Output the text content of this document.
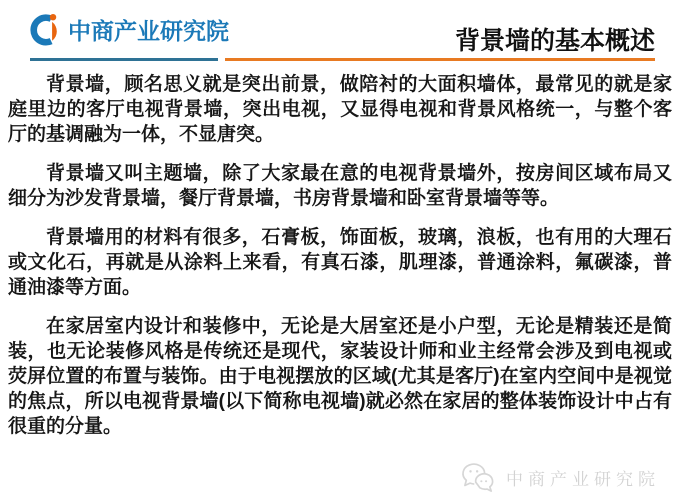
中商产业研究院	背景墙的基本概述

背景墙，顾名思义就是突出前景，做陪衬的大面积墙体，最常见的就是家庭里边的客厅电视背景墙，突出电视，又显得电视和背景风格统一，与整个客厅的基调融为一体，不显唐突。

背景墙又叫主题墙，除了大家最在意的电视背景墙外，按房间区域布局又细分为沙发背景墙，餐厅背景墙，书房背景墙和卧室背景墙等等。

背景墙用的材料有很多，石膏板，饰面板，玻璃，浪板，也有用的大理石或文化石，再就是从涂料上来看，有真石漆，肌理漆，普通涂料，氟碳漆，普通油漆等方面。

在家居室内设计和装修中，无论是大居室还是小户型，无论是精装还是简装，也无论装修风格是传统还是现代，家装设计师和业主经常会涉及到电视或荧屏位置的布置与装饰。由于电视摆放的区域(尤其是客厅)在室内空间中是视觉的焦点，所以电视背景墙(以下简称电视墙)就必然在家居的整体装饰设计中占有很重的分量。

中商产业研究院
